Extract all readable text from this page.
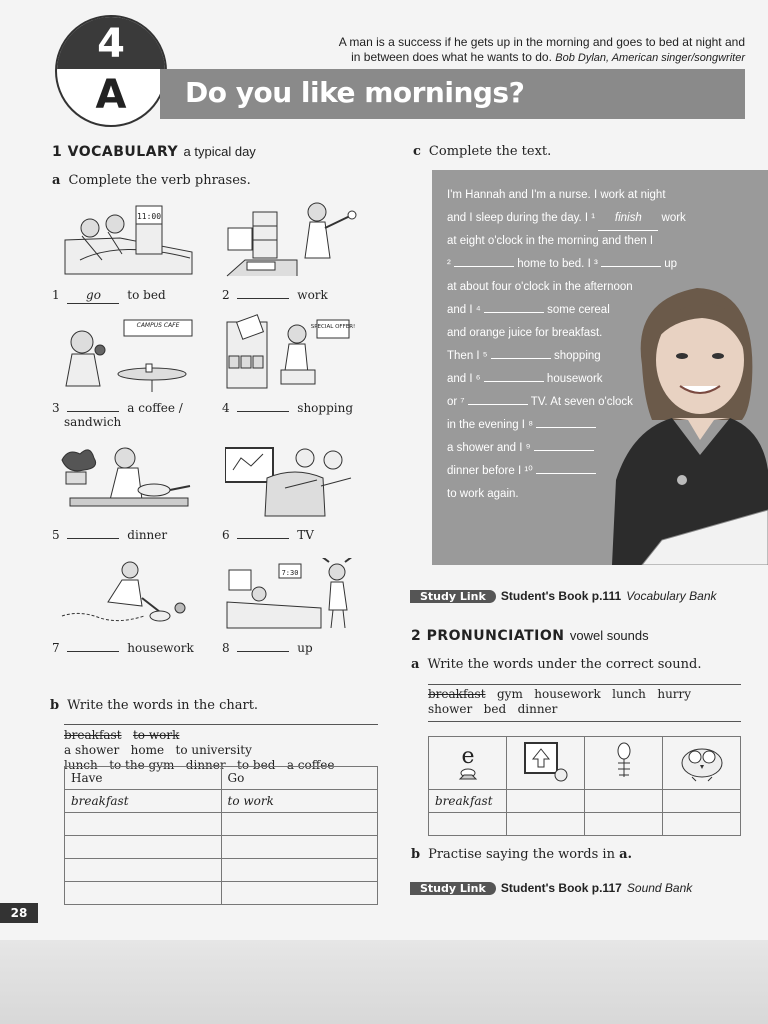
4
A	Do you like mornings?
A man is a success if he gets up in the morning and goes to bed at night and in between does what he wants to do. Bob Dylan, American singer/songwriter
1 VOCABULARY a typical day
a Complete the verb phrases.
11:00
1 go to bed	2	work
CAMPUS CAFE	SPECIAL OFFER!
3	a coffee /
sandwich
4	shopping
5	dinner	6	TV
7:30
7	housework 8	up
b Write the words in the chart.
breakfast to work    a shower   home   to university
lunch   to the gym   dinner   to bed   a coffee
Have	Go
breakfast	to work

c Complete the text.
I'm Hannah and I'm a nurse. I work at night
and I sleep during the day. I ¹ finish work
at eight o'clock in the morning and then I
²	home to bed. I ³	up
at about four o'clock in the afternoon
and I ⁴	some cereal
and orange juice for breakfast.
Then I ⁵	shopping
and I ⁶	housework
or ⁷	TV. At seven o'clock
in the evening I ⁸
a shower and I ⁹
dinner before I ¹⁰
to work again.
Study Link Student's Book p.111 Vocabulary Bank
2 PRONUNCIATION vowel sounds
a Write the words under the correct sound.
breakfast gym   housework   lunch   hurry
shower   bed   dinner
e

breakfast			

b Practise saying the words in a.
Study Link Student's Book p.117 Sound Bank
28
